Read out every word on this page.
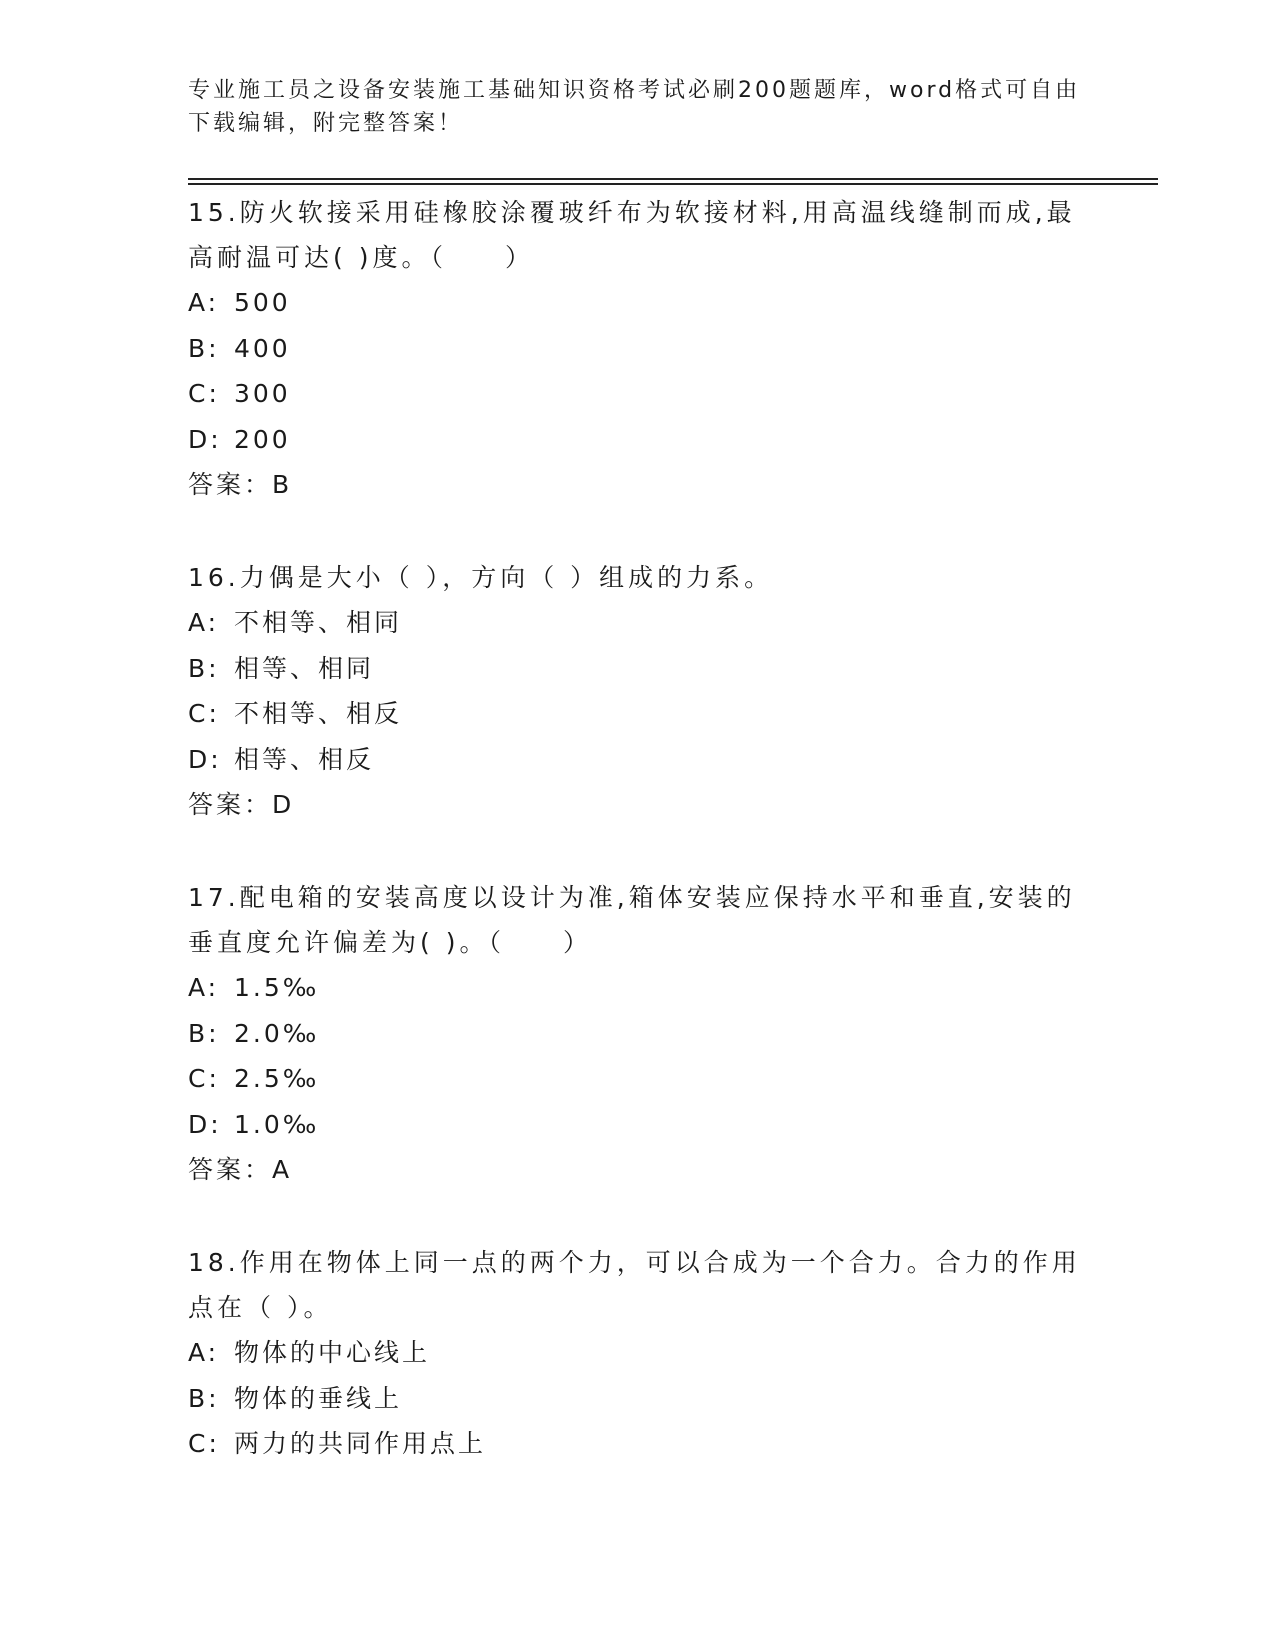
专业施工员之设备安装施工基础知识资格考试必刷200题题库，word格式可自由下载编辑，附完整答案！
15.防火软接采用硅橡胶涂覆玻纤布为软接材料,用高温线缝制而成,最高耐温可达( )度。（　　）
A: 500
B: 400
C: 300
D: 200
答案：B
16.力偶是大小（ ），方向（ ）组成的力系。
A: 不相等、相同
B: 相等、相同
C: 不相等、相反
D: 相等、相反
答案：D
17.配电箱的安装高度以设计为准,箱体安装应保持水平和垂直,安装的垂直度允许偏差为( )。（　　）
A: 1.5‰
B: 2.0‰
C: 2.5‰
D: 1.0‰
答案：A
18.作用在物体上同一点的两个力，可以合成为一个合力。合力的作用点在（ ）。
A: 物体的中心线上
B: 物体的垂线上
C: 两力的共同作用点上
